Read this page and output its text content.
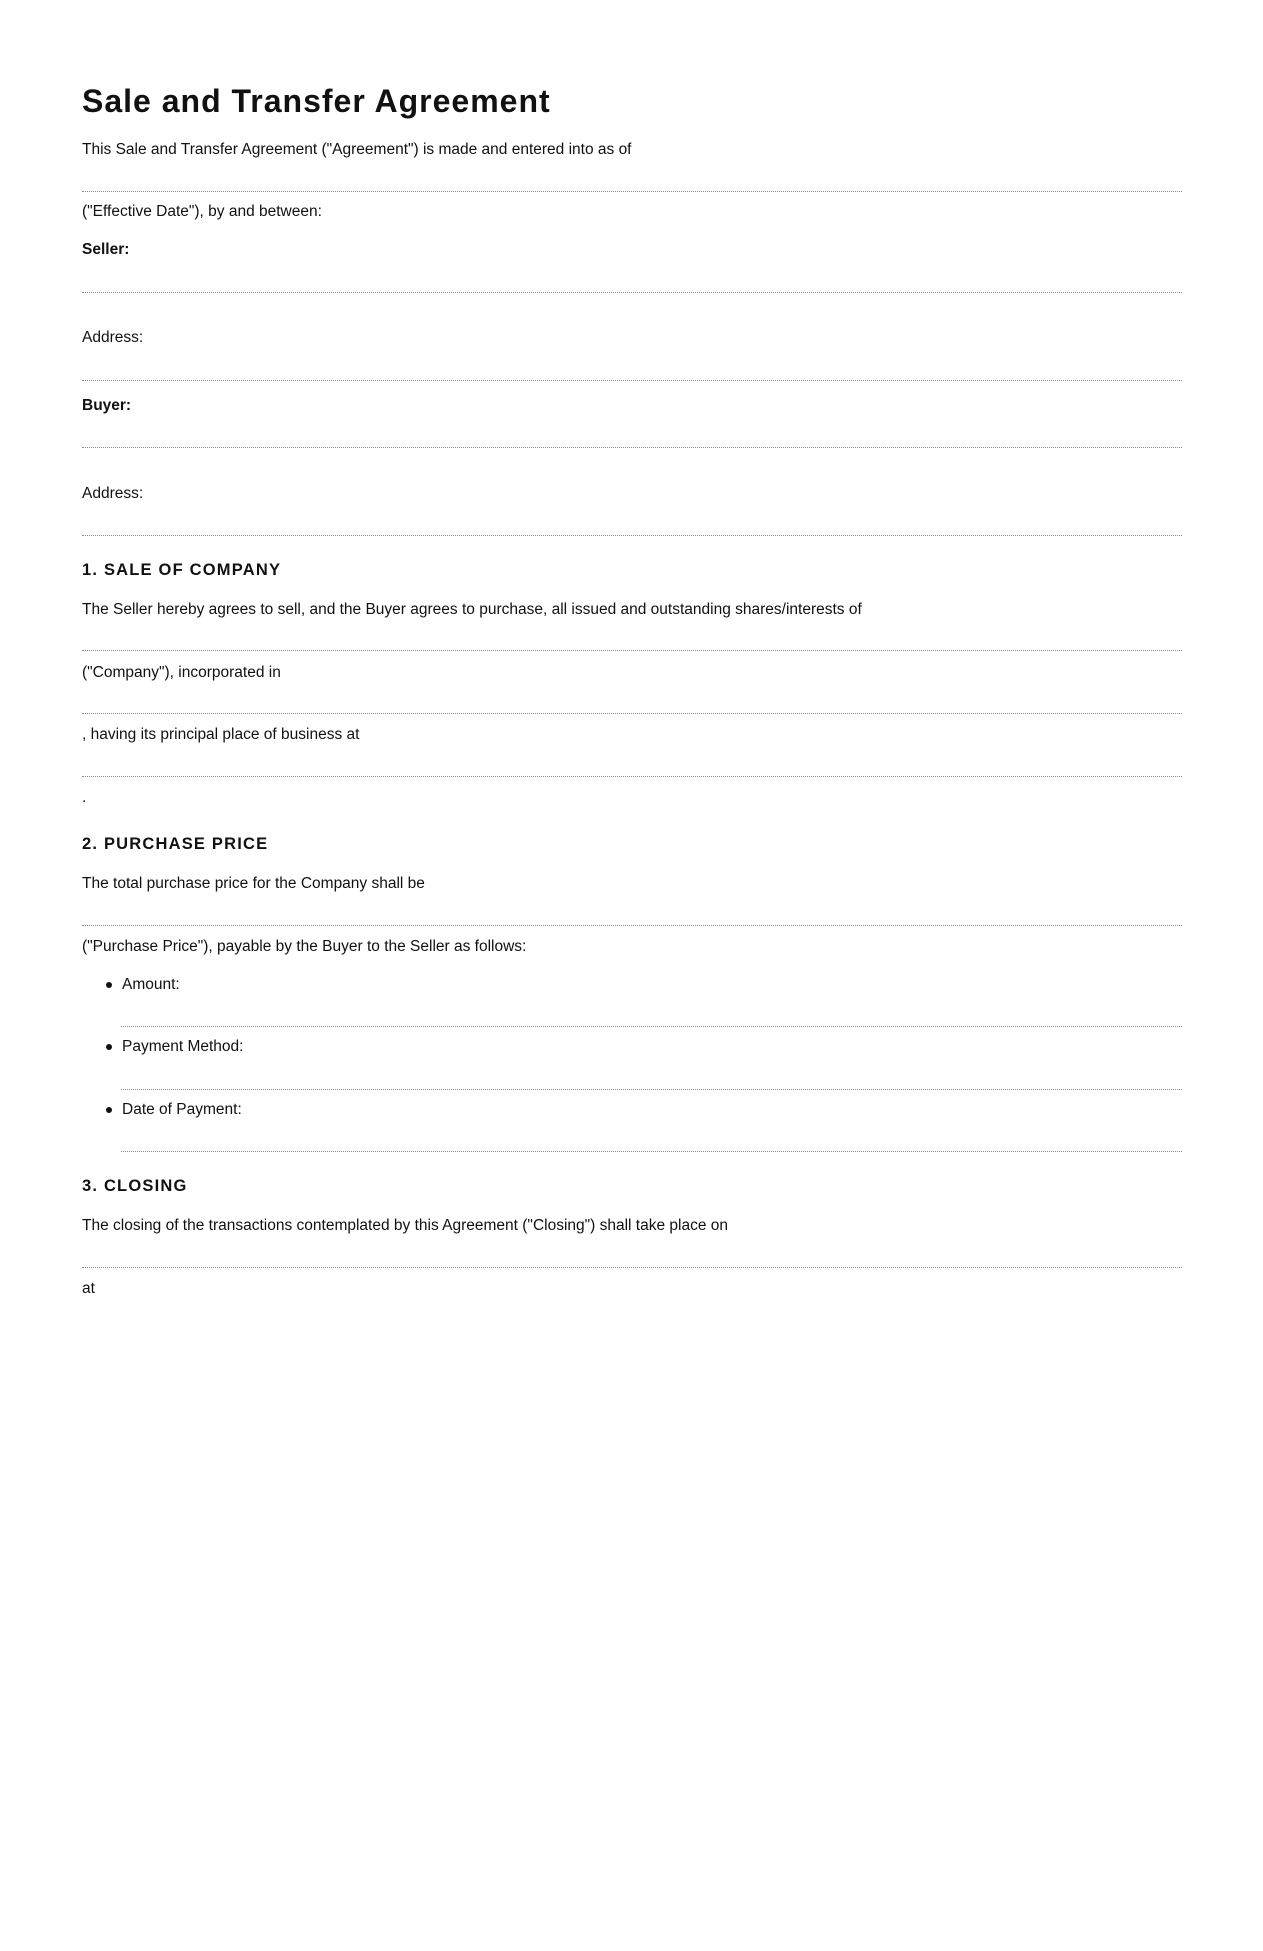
Sale and Transfer Agreement
This Sale and Transfer Agreement ("Agreement") is made and entered into as of
("Effective Date"), by and between:
Seller:
Address:
Buyer:
Address:
1. SALE OF COMPANY
The Seller hereby agrees to sell, and the Buyer agrees to purchase, all issued and outstanding shares/interests of
("Company"), incorporated in
, having its principal place of business at
.
2. PURCHASE PRICE
The total purchase price for the Company shall be
("Purchase Price"), payable by the Buyer to the Seller as follows:
Amount:
Payment Method:
Date of Payment:
3. CLOSING
The closing of the transactions contemplated by this Agreement ("Closing") shall take place on
at
